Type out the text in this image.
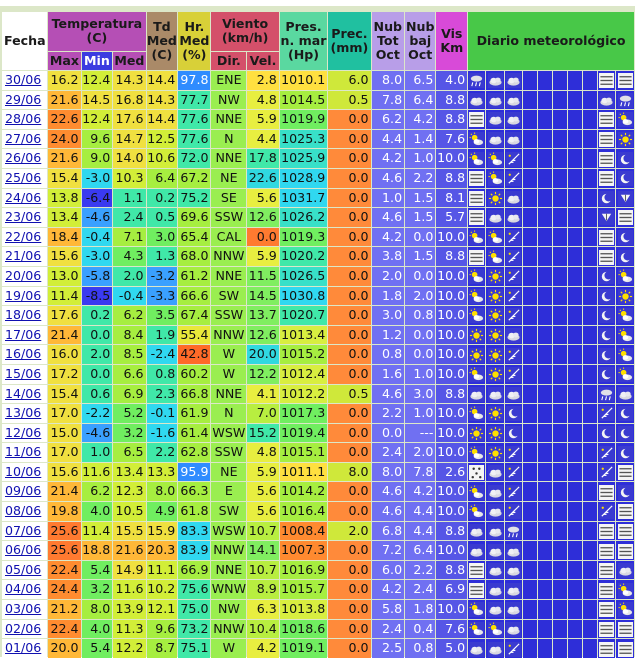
Fecha	Temperatura (C)			Td Med (C)	Hr. Med (%)	Viento (km/h)		Pres. n. mar (Hp)	Prec. (mm)	Nub Tot Oct	Nub baj Oct	Vis Km	Diario meteorológico									
	Max	Min	Med			Dir.	Vel.															
30/06	16.2	12.4	14.3	14.4	97.8	ENE	2.8	1010.1	6.0	8.0	6.5	4.0	

29/06	21.6	14.5	16.8	14.3	77.7	NW	4.8	1014.5	0.5	7.8	6.4	8.8	

28/06	22.6	12.4	17.6	14.4	77.6	NNE	5.9	1019.9	0.0	6.2	4.2	8.8	

27/06	24.0	9.6	14.7	12.5	77.6	N	4.4	1025.3	0.0	4.4	1.4	7.6	

26/06	21.6	9.0	14.0	10.6	72.0	NNE	17.8	1025.9	0.0	4.2	1.0	10.0	

25/06	15.4	-3.0	10.3	6.4	67.2	NE	22.6	1028.9	0.0	4.6	2.2	8.8	

24/06	13.8	-6.4	1.1	0.2	75.2	SE	5.6	1031.7	0.0	1.0	1.5	8.1	

23/06	13.4	-4.6	2.4	0.5	69.6	SSW	12.6	1026.2	0.0	4.6	1.5	5.7	

22/06	18.4	-0.4	7.1	3.0	65.4	CAL	0.0	1019.3	0.0	4.2	0.0	10.0	

21/06	15.6	-3.0	4.3	1.3	68.0	NNW	5.9	1020.2	0.0	3.8	1.5	8.8	

20/06	13.0	-5.8	2.0	-3.2	61.2	NNE	11.5	1026.5	0.0	2.0	0.0	10.0	

19/06	11.4	-8.5	-0.4	-3.3	66.6	SW	14.5	1030.8	0.0	1.8	2.0	10.0	

18/06	17.6	0.2	6.2	3.5	67.4	SSW	13.7	1020.7	0.0	3.0	0.8	10.0	

17/06	21.4	0.0	8.4	1.9	55.4	NNW	12.6	1013.4	0.0	1.2	0.0	10.0	

16/06	16.0	2.0	8.5	-2.4	42.8	W	20.0	1015.2	0.0	0.8	0.0	10.0	

15/06	17.2	0.0	6.6	0.8	60.2	W	12.2	1012.4	0.0	1.6	1.0	10.0	

14/06	15.4	0.6	6.9	2.3	66.8	NNE	4.1	1012.2	0.5	4.6	3.0	8.8	

13/06	17.0	-2.2	5.2	-0.1	61.9	N	7.0	1017.3	0.0	2.2	1.0	10.0	

12/06	15.0	-4.6	3.2	-1.6	61.4	WSW	15.2	1019.4	0.0	0.0	---	10.0	

11/06	17.0	1.0	6.5	2.2	62.8	SSW	4.8	1015.1	0.0	2.4	2.0	10.0	

10/06	15.6	11.6	13.4	13.3	95.9	NE	5.9	1011.1	8.0	8.0	7.8	2.6	

09/06	21.4	6.2	12.3	8.0	66.3	E	5.6	1014.2	0.0	4.6	4.2	10.0	

08/06	19.8	4.0	10.5	4.9	61.8	SW	5.6	1016.4	0.0	4.6	4.4	10.0	

07/06	25.6	11.4	15.5	15.9	83.3	WSW	10.7	1008.4	2.0	6.8	4.4	8.8	

06/06	25.6	18.8	21.6	20.3	83.9	NNW	14.1	1007.3	0.0	7.2	6.4	10.0	

05/06	22.4	5.4	14.9	11.1	66.9	NNE	10.7	1016.9	0.0	6.0	2.2	8.8	

04/06	24.4	3.2	11.6	10.2	75.6	WNW	8.9	1015.7	0.0	4.2	2.4	6.9	

03/06	21.2	8.0	13.9	12.1	75.0	NW	6.3	1013.8	0.0	5.8	1.8	10.0	

02/06	22.4	4.0	11.3	9.6	73.2	NNW	10.4	1018.6	0.0	2.4	0.4	7.6	

01/06	20.0	5.4	12.2	8.7	75.1	W	4.2	1019.1	0.0	2.5	0.8	5.0	
